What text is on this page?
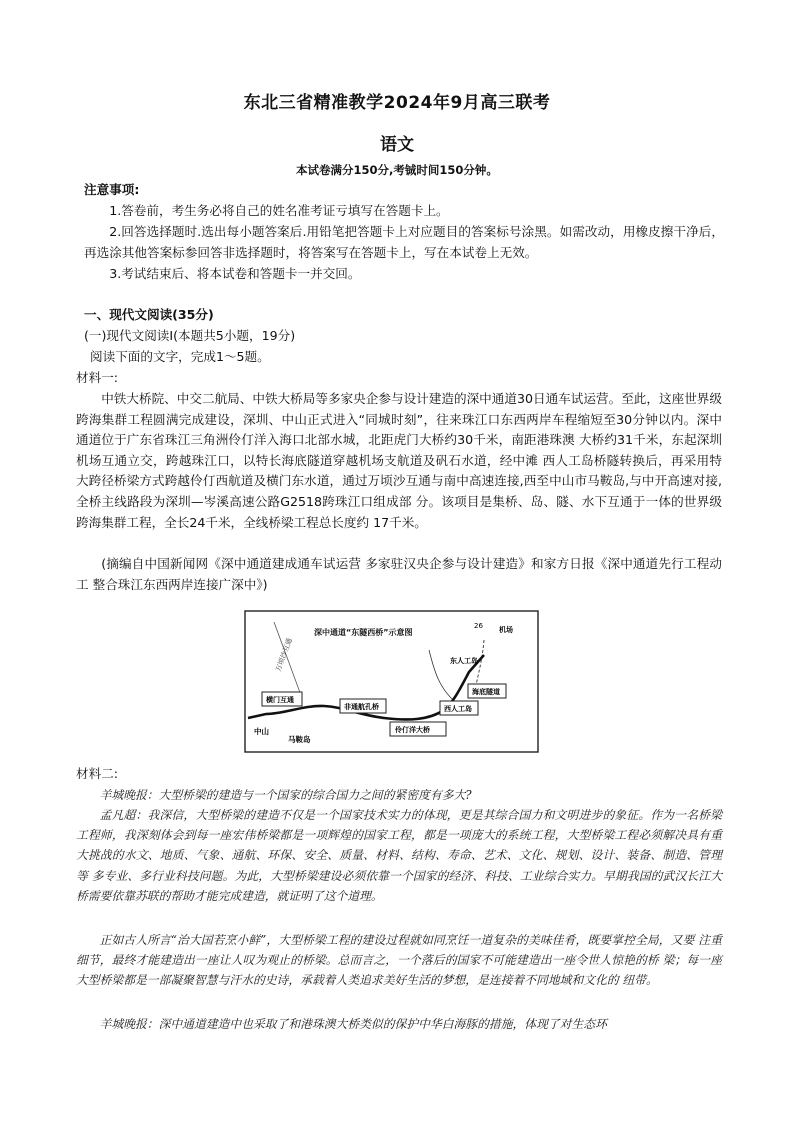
东北三省精准教学2024年9月高三联考
语文
本试卷满分150分,考铖时间150分钟。
注意事项:
1.答卷前，考生务必将自己的姓名准考证亏填写在答题卡上。
2.回答选择题时.选出每小题答案后.用铅笔把答题卡上对应题目的答案标号涂黑。如需改动，用橡皮擦干净后，再选涂其他答案标参回答非选择题时，将答案写在答题卡上，写在本试卷上无效。
3.考试结束后、将本试卷和答题卡一并交回。
一、现代文阅读(35分)
(一)现代文阅读Ⅰ(本题共5小题，19分)
阅读下面的文字，完成1～5题。
材料一:
中铁大桥院、中交二航局、中铁大桥局等多家央企参与设计建造的深中通道30日通车试运营。至此，这座世界级跨海集群工程圆满完成建设，深圳、中山正式进入“同城时刻”，往来珠江口东西两岸车程缩短至30分钟以内。深中通道位于广东省珠江三角洲伶仃洋入海口北部水城，北距虎门大桥约30千米，南距港珠澳 大桥约31千米，东起深圳机场互通立交，跨越珠江口，以特长海底隧道穿越机场支航道及矾石水道，经中滩 西人工岛桥隧转换后，再采用特大跨径桥梁方式跨越伶仃西航道及横门东水道，通过万顷沙互通与南中高速连接,西至中山市马鞍岛,与中开高速对接,全桥主线路段为深圳—岑溪高速公路G2518跨珠江口组成部 分。该项目是集桥、岛、隧、水下互通于一体的世界级跨海集群工程，全长24千米，全线桥梁工程总长度约 17千米。
(摘编自中国新闻网《深中通道建成通车试运营 多家驻汉央企参与设计建造》和家方日报《深中通道先行工程动工 整合珠江东西两岸连接广深中》)
万顷沙互通
深中通道“东隧西桥”示意图
横门互通
非通航孔桥
伶仃洋大桥
西人工岛
海底隧道
东人工岛
机场
26
中山
马鞍岛
材料二:
羊城晚报：大型桥梁的建造与一个国家的综合国力之间的紧密度有多大?
孟凡超：我深信，大型桥梁的建造不仅是一个国家技术实力的体现，更是其综合国力和文明进步的象征。作为一名桥梁工程师，我深刻体会到每一座宏伟桥梁都是一项辉煌的国家工程，都是一项庞大的系统工程，大型桥梁工程必须解决具有重大挑战的水文、地质、气象、通航、环保、安全、质量、材料、结构、寿命、艺术、文化、规划、设计、装备、制造、管理等 多专业、多行业科技问题。为此，大型桥梁建设必须依靠一个国家的经济、科技、工业综合实力。早期我国的武汉长江大 桥需要依靠苏联的帮助才能完成建造，就证明了这个道理。
正如古人所言“治大国若烹小鲜”，大型桥梁工程的建设过程就如同烹饪一道复杂的美味佳肴，既要掌控全局，又要 注重细节，最终才能建造出一座让人叹为观止的桥梁。总而言之，一个落后的国家不可能建造出一座令世人惊艳的桥 梁；每一座大型桥梁都是一部凝聚智慧与汗水的史诗，承载着人类追求美好生活的梦想，是连接着不同地域和文化的 纽带。
羊城晚报：深中通道建造中也采取了和港珠澳大桥类似的保护中华白海豚的措施，体现了对生态环
